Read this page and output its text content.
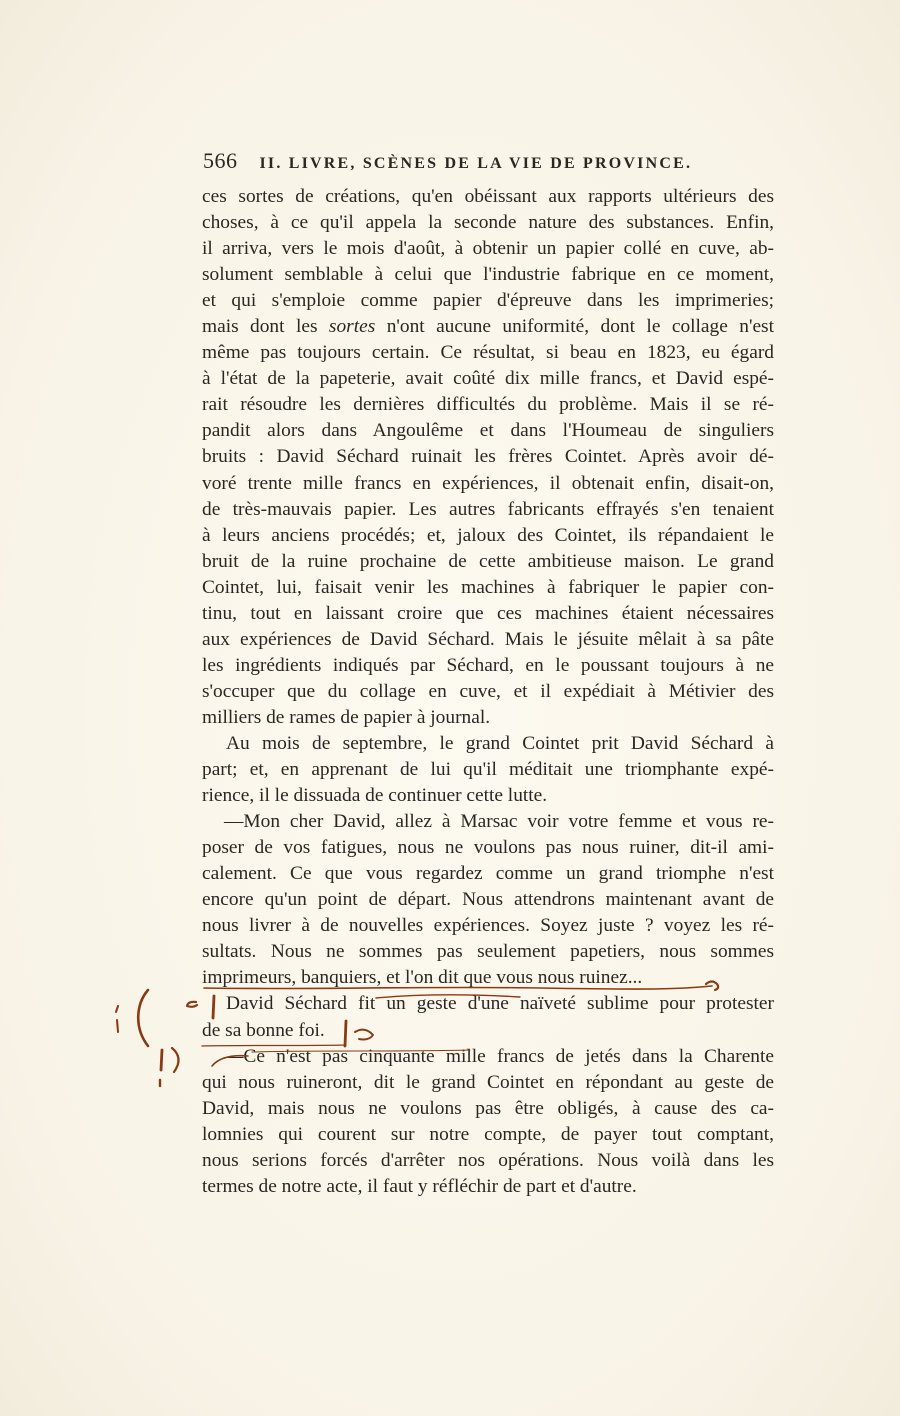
566 II. LIVRE, SCÈNES DE LA VIE DE PROVINCE.
ces sortes de créations, qu'en obéissant aux rapports ultérieurs des
choses, à ce qu'il appela la seconde nature des substances. Enfin,
il arriva, vers le mois d'août, à obtenir un papier collé en cuve, ab-
solument semblable à celui que l'industrie fabrique en ce moment,
et qui s'emploie comme papier d'épreuve dans les imprimeries;
mais dont les sortes n'ont aucune uniformité, dont le collage n'est
même pas toujours certain. Ce résultat, si beau en 1823, eu égard
à l'état de la papeterie, avait coûté dix mille francs, et David espé-
rait résoudre les dernières difficultés du problème. Mais il se ré-
pandit alors dans Angoulême et dans l'Houmeau de singuliers
bruits : David Séchard ruinait les frères Cointet. Après avoir dé-
voré trente mille francs en expériences, il obtenait enfin, disait-on,
de très-mauvais papier. Les autres fabricants effrayés s'en tenaient
à leurs anciens procédés; et, jaloux des Cointet, ils répandaient le
bruit de la ruine prochaine de cette ambitieuse maison. Le grand
Cointet, lui, faisait venir les machines à fabriquer le papier con-
tinu, tout en laissant croire que ces machines étaient nécessaires
aux expériences de David Séchard. Mais le jésuite mêlait à sa pâte
les ingrédients indiqués par Séchard, en le poussant toujours à ne
s'occuper que du collage en cuve, et il expédiait à Métivier des
milliers de rames de papier à journal.
Au mois de septembre, le grand Cointet prit David Séchard à
part; et, en apprenant de lui qu'il méditait une triomphante expé-
rience, il le dissuada de continuer cette lutte.
—Mon cher David, allez à Marsac voir votre femme et vous re-
poser de vos fatigues, nous ne voulons pas nous ruiner, dit-il ami-
calement. Ce que vous regardez comme un grand triomphe n'est
encore qu'un point de départ. Nous attendrons maintenant avant de
nous livrer à de nouvelles expériences. Soyez juste ? voyez les ré-
sultats. Nous ne sommes pas seulement papetiers, nous sommes
imprimeurs, banquiers, et l'on dit que vous nous ruinez...
David Séchard fit un geste d'une naïveté sublime pour protester
de sa bonne foi.
—Ce n'est pas cinquante mille francs de jetés dans la Charente
qui nous ruineront, dit le grand Cointet en répondant au geste de
David, mais nous ne voulons pas être obligés, à cause des ca-
lomnies qui courent sur notre compte, de payer tout comptant,
nous serions forcés d'arrêter nos opérations. Nous voilà dans les
termes de notre acte, il faut y réfléchir de part et d'autre.
